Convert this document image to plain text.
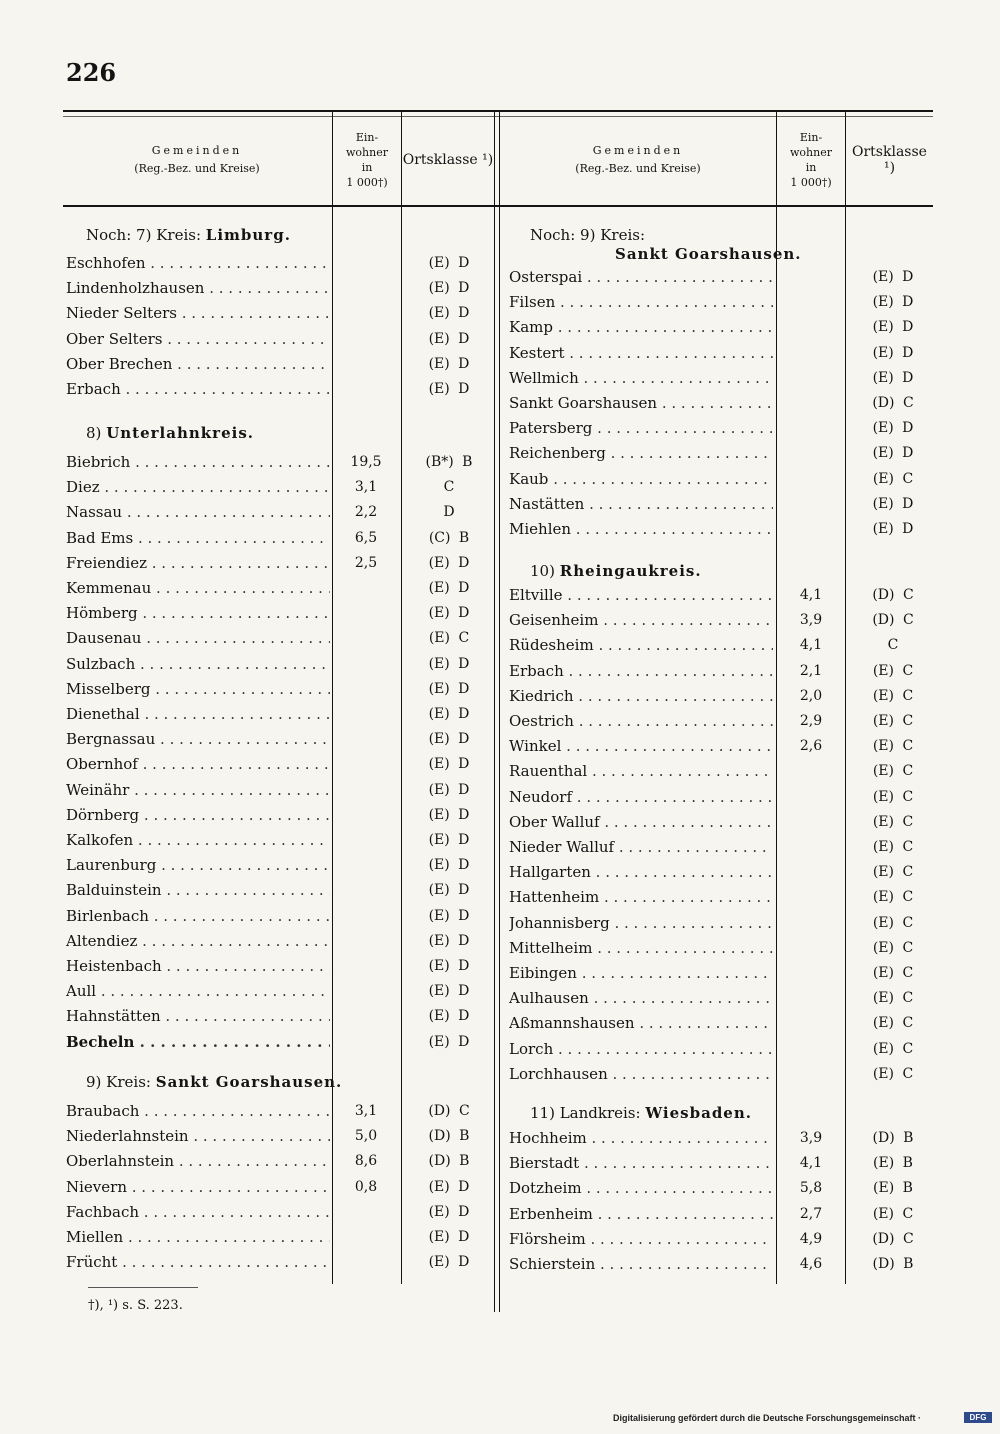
226
Gemeinden
(Reg.-Bez. und Kreise)
Ein-
wohner
in
1 000†)
Ortsklasse ¹)
Gemeinden
(Reg.-Bez. und Kreise)
Ein-
wohner
in
1 000†)
Ortsklasse ¹)
Noch: 7) Kreis: Limburg.
8) Unterlahnkreis.
9) Kreis: Sankt Goarshausen.
Noch: 9) Kreis:
Sankt Goarshausen.
10) Rheingaukreis.
11) Landkreis: Wiesbaden.
Eschhofen . . .	(E) D
Lindenholzhausen . . .	(E) D
Nieder Selters . . .	(E) D
Ober Selters . . .	(E) D
Ober Brechen . . .	(E) D
Erbach . . .	(E) D
Biebrich . . .	19,5	(B*) B
Diez . . .	3,1	C
Nassau . . .	2,2	D
Bad Ems . . .	6,5	(C) B
Freiendiez . . .	2,5	(E) D
Kemmenau . . .	(E) D
Hömberg . . .	(E) D
Dausenau . . .	(E) C
Sulzbach . . .	(E) D
Misselberg . . .	(E) D
Dienethal . . .	(E) D
Bergnassau . . .	(E) D
Obernhof . . .	(E) D
Weinähr . . .	(E) D
Dörnberg . . .	(E) D
Kalkofen . . .	(E) D
Laurenburg . . .	(E) D
Balduinstein . . .	(E) D
Birlenbach . . .	(E) D
Altendiez . . .	(E) D
Heistenbach . . .	(E) D
Aull . . .	(E) D
Hahnstätten . . .	(E) D
Becheln . . .	(E) D
Braubach . . .	3,1	(D) C
Niederlahnstein . . .	5,0	(D) B
Oberlahnstein . . .	8,6	(D) B
Nievern . . .	0,8	(E) D
Fachbach . . .	(E) D
Miellen . . .	(E) D
Frücht . . .	(E) D
Osterspai . . .	(E) D
Filsen . . .	(E) D
Kamp . . .	(E) D
Kestert . . .	(E) D
Wellmich . . .	(E) D
Sankt Goarshausen . . .	(D) C
Patersberg . . .	(E) D
Reichenberg . . .	(E) D
Kaub . . .	(E) C
Nastätten . . .	(E) D
Miehlen . . .	(E) D
Eltville . . .	4,1	(D) C
Geisenheim . . .	3,9	(D) C
Rüdesheim . . .	4,1	C
Erbach . . .	2,1	(E) C
Kiedrich . . .	2,0	(E) C
Oestrich . . .	2,9	(E) C
Winkel . . .	2,6	(E) C
Rauenthal . . .	(E) C
Neudorf . . .	(E) C
Ober Walluf . . .	(E) C
Nieder Walluf . . .	(E) C
Hallgarten . . .	(E) C
Hattenheim . . .	(E) C
Johannisberg . . .	(E) C
Mittelheim . . .	(E) C
Eibingen . . .	(E) C
Aulhausen . . .	(E) C
Aßmannshausen . . .	(E) C
Lorch . . .	(E) C
Lorchhausen . . .	(E) C
Hochheim . . .	3,9	(D) B
Bierstadt . . .	4,1	(E) B
Dotzheim . . .	5,8	(E) B
Erbenheim . . .	2,7	(E) C
Flörsheim . . .	4,9	(D) C
Schierstein . . .	4,6	(D) B
†), ¹) s. S. 223.
Digitalisierung gefördert durch die Deutsche Forschungsgemeinschaft ·	DFG
